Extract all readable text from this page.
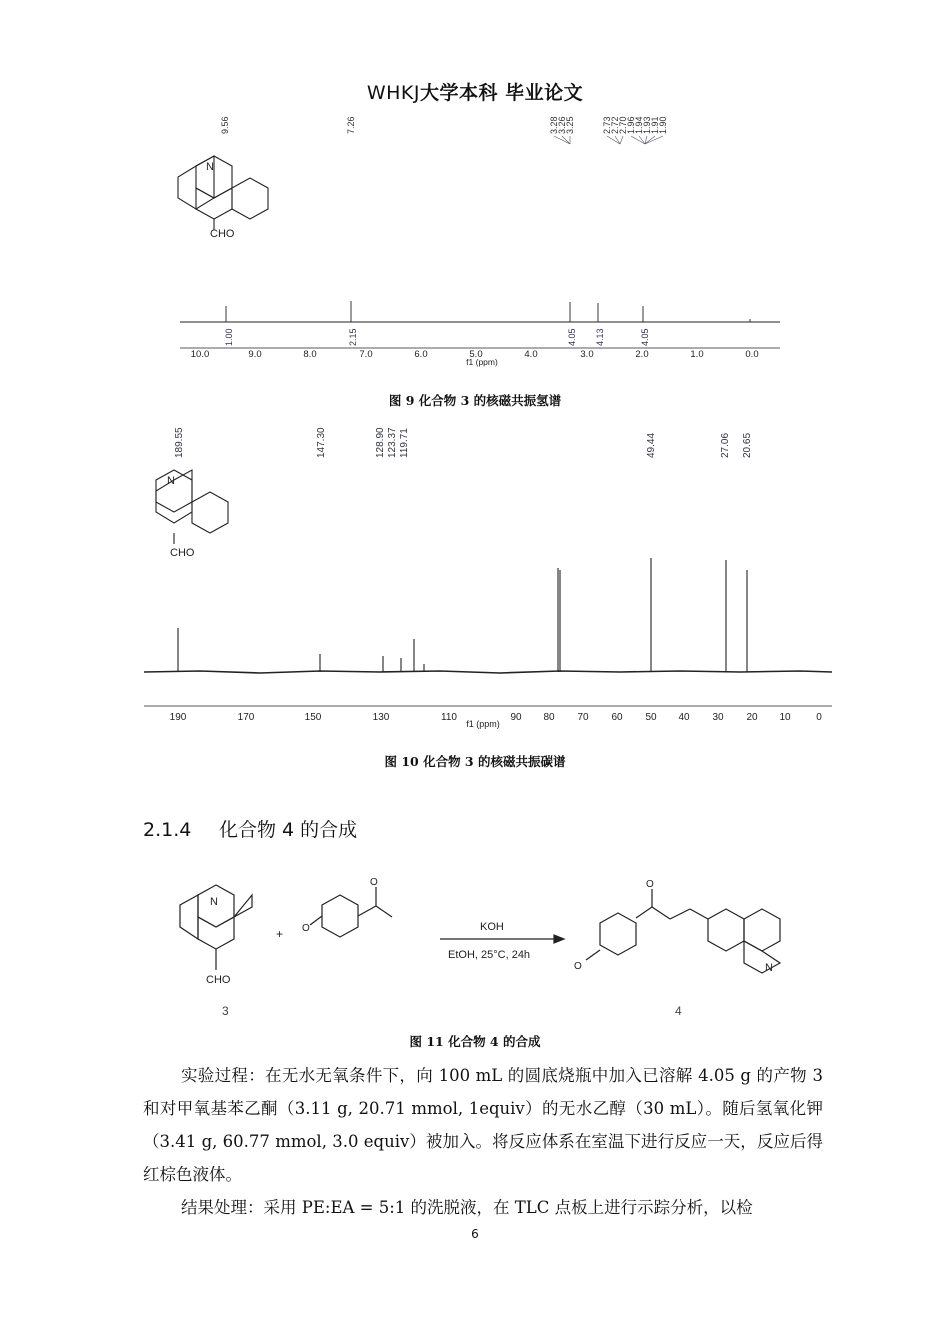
WHKJ大学本科 毕业论文
9.56	7.26	3.28
3.26
3.25	2.73
2.72
2.70
1.96
1.94
1.93
1.91
1.90
N
CHO
1.00	2.15	4.05 4.13	4.05
10.0	9.0	8.0	7.0	6.0	5.0	4.0	3.0	2.0	1.0	0.0
f1 (ppm)
图 9 化合物 3 的核磁共振氢谱
189.55	147.30	128.90 123.37 119.71	49.44	27.06 20.65
N
CHO
190	170	150	130	110	90 80 70 60 50 40 30 20 10	0
f1 (ppm)
图 10 化合物 3 的核磁共振碳谱
2.1.4 化合物 4 的合成
+ O
O
N
CHO
KOH
EtOH, 25°C, 24h
O
O
N
3	4
图 11 化合物 4 的合成

实验过程：在无水无氧条件下，向 100 mL 的圆底烧瓶中加入已溶解 4.05 g 的产物 3 和对甲氧基苯乙酮（3.11 g, 20.71 mmol, 1equiv）的无水乙醇（30 mL）。随后氢氧化钾（3.41 g, 60.77 mmol, 3.0 equiv）被加入。将反应体系在室温下进行反应一天，反应后得红棕色液体。

结果处理：采用 PE:EA = 5:1 的洗脱液，在 TLC 点板上进行示踪分析，以检

6
